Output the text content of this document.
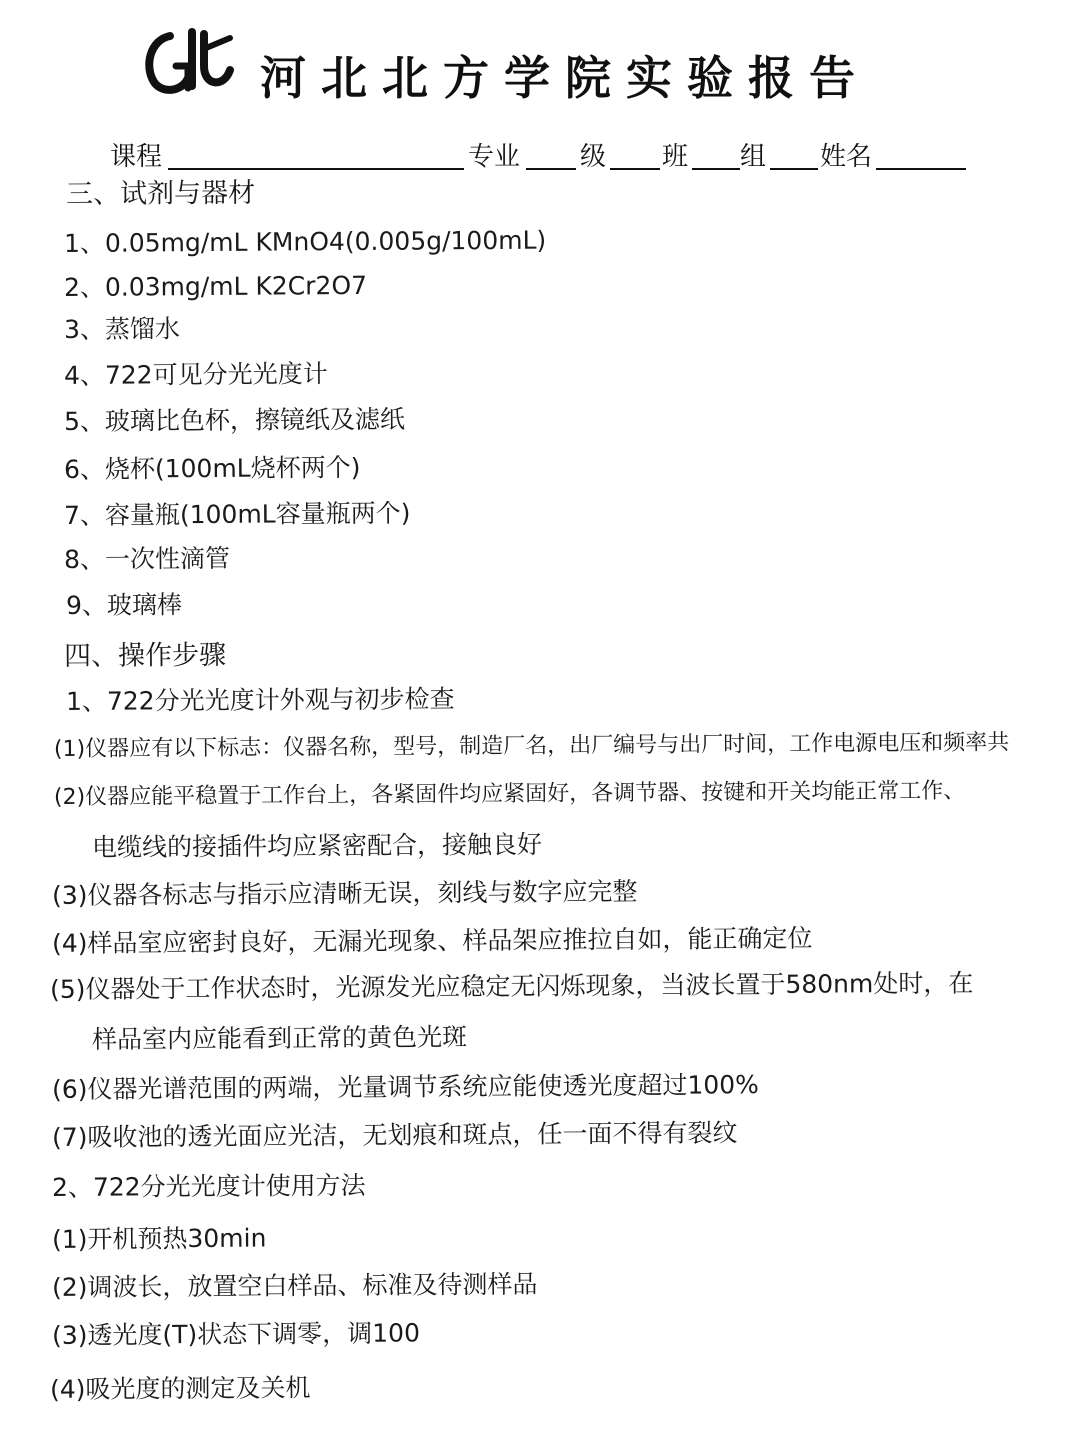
河北北方学院实验报告
课程	专业 级 班 组 姓名
三、试剂与器材
1、0.05mg/mL KMnO4(0.005g/100mL)
2、0.03mg/mL K2Cr2O7
3、蒸馏水
4、722可见分光光度计
5、玻璃比色杯，擦镜纸及滤纸
6、烧杯(100mL烧杯两个)
7、容量瓶(100mL容量瓶两个)
8、一次性滴管
9、玻璃棒
四、操作步骤
1、722分光光度计外观与初步检查
(1)仪器应有以下标志：仪器名称，型号，制造厂名，出厂编号与出厂时间，工作电源电压和频率共
(2)仪器应能平稳置于工作台上，各紧固件均应紧固好，各调节器、按键和开关均能正常工作、
电缆线的接插件均应紧密配合，接触良好
(3)仪器各标志与指示应清晰无误，刻线与数字应完整
(4)样品室应密封良好，无漏光现象、样品架应推拉自如，能正确定位
(5)仪器处于工作状态时，光源发光应稳定无闪烁现象，当波长置于580nm处时，在
样品室内应能看到正常的黄色光斑
(6)仪器光谱范围的两端，光量调节系统应能使透光度超过100%
(7)吸收池的透光面应光洁，无划痕和斑点，任一面不得有裂纹
2、722分光光度计使用方法
(1)开机预热30min
(2)调波长，放置空白样品、标准及待测样品
(3)透光度(T)状态下调零，调100
(4)吸光度的测定及关机
